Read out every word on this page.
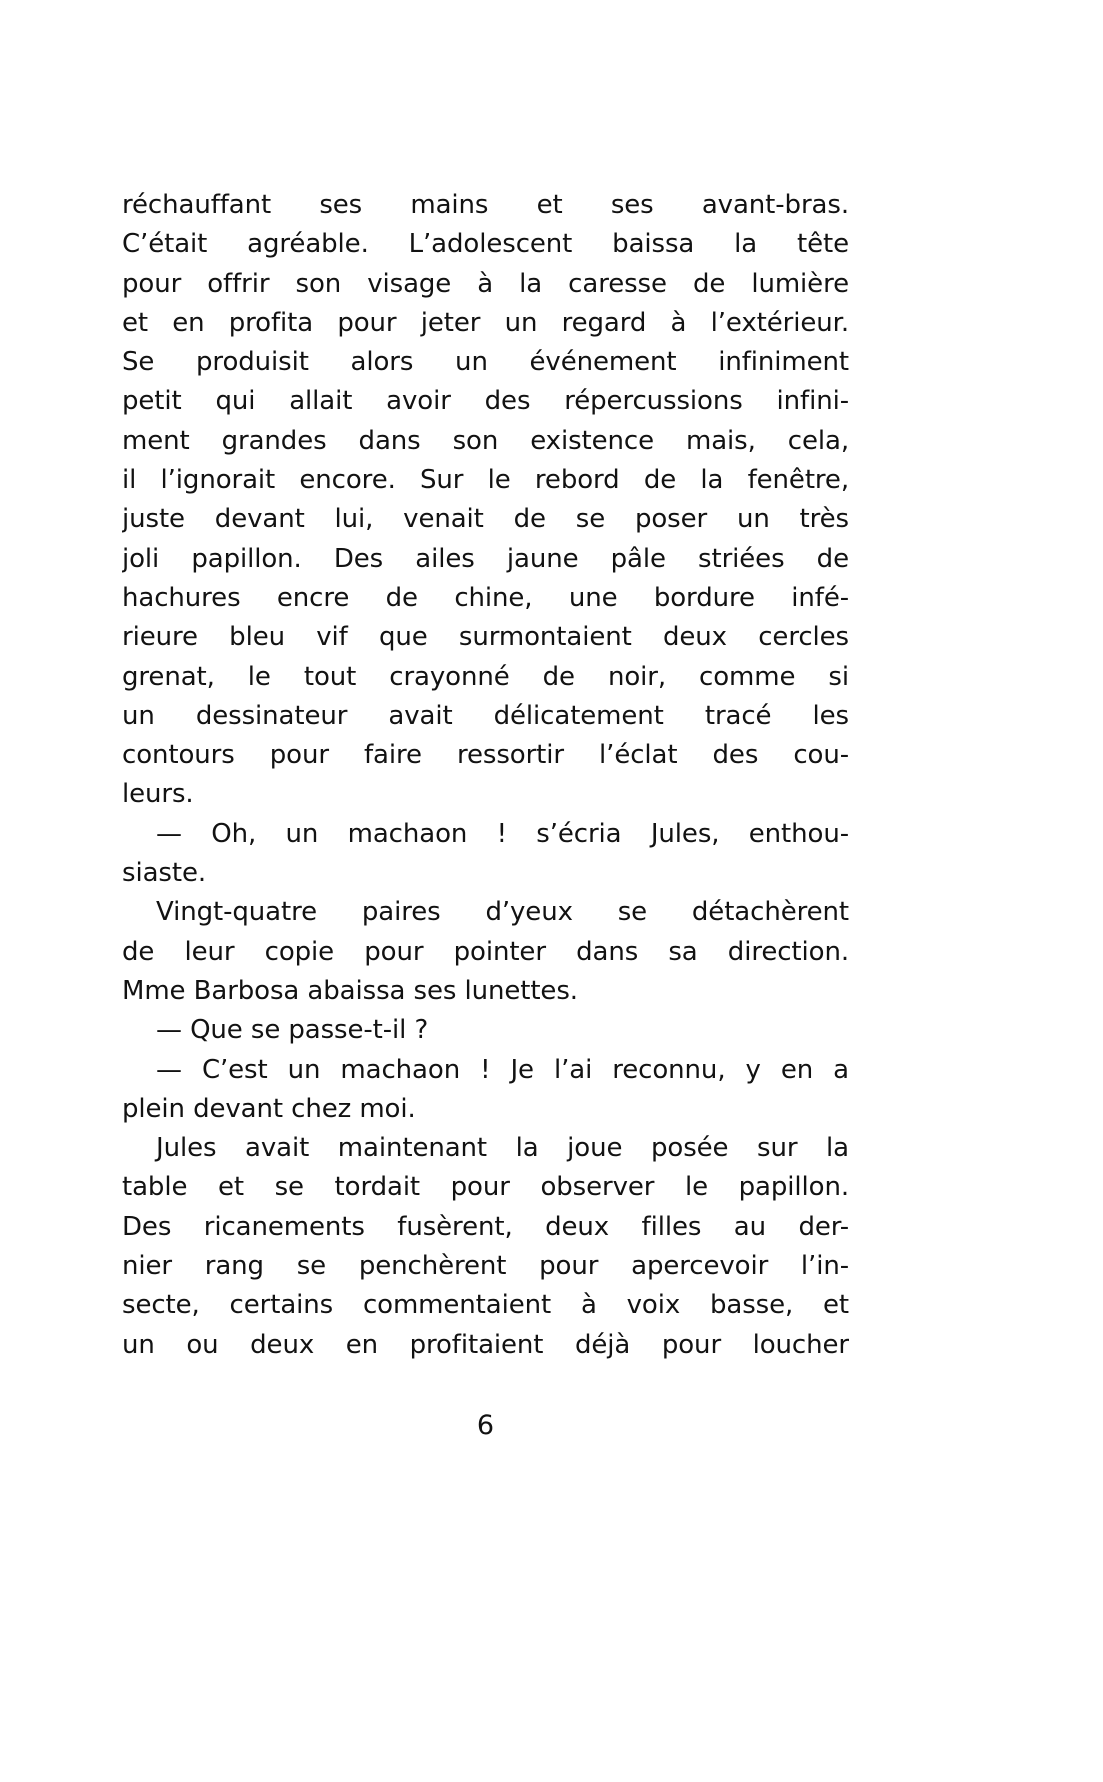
réchauffant ses mains et ses avant-bras.
C’était agréable. L’adolescent baissa la tête
pour offrir son visage à la caresse de lumière
et en profita pour jeter un regard à l’extérieur.
Se produisit alors un événement infiniment
petit qui allait avoir des répercussions infini-
ment grandes dans son existence mais, cela,
il l’ignorait encore. Sur le rebord de la fenêtre,
juste devant lui, venait de se poser un très
joli papillon. Des ailes jaune pâle striées de
hachures encre de chine, une bordure infé-
rieure bleu vif que surmontaient deux cercles
grenat, le tout crayonné de noir, comme si
un dessinateur avait délicatement tracé les
contours pour faire ressortir l’éclat des cou-
leurs.
— Oh, un machaon ! s’écria Jules, enthou-
siaste.
Vingt-quatre paires d’yeux se détachèrent
de leur copie pour pointer dans sa direction.
Mme Barbosa abaissa ses lunettes.
— Que se passe-t-il ?
— C’est un machaon ! Je l’ai reconnu, y en a
plein devant chez moi.
Jules avait maintenant la joue posée sur la
table et se tordait pour observer le papillon.
Des ricanements fusèrent, deux filles au der-
nier rang se penchèrent pour apercevoir l’in-
secte, certains commentaient à voix basse, et
un ou deux en profitaient déjà pour loucher
6
